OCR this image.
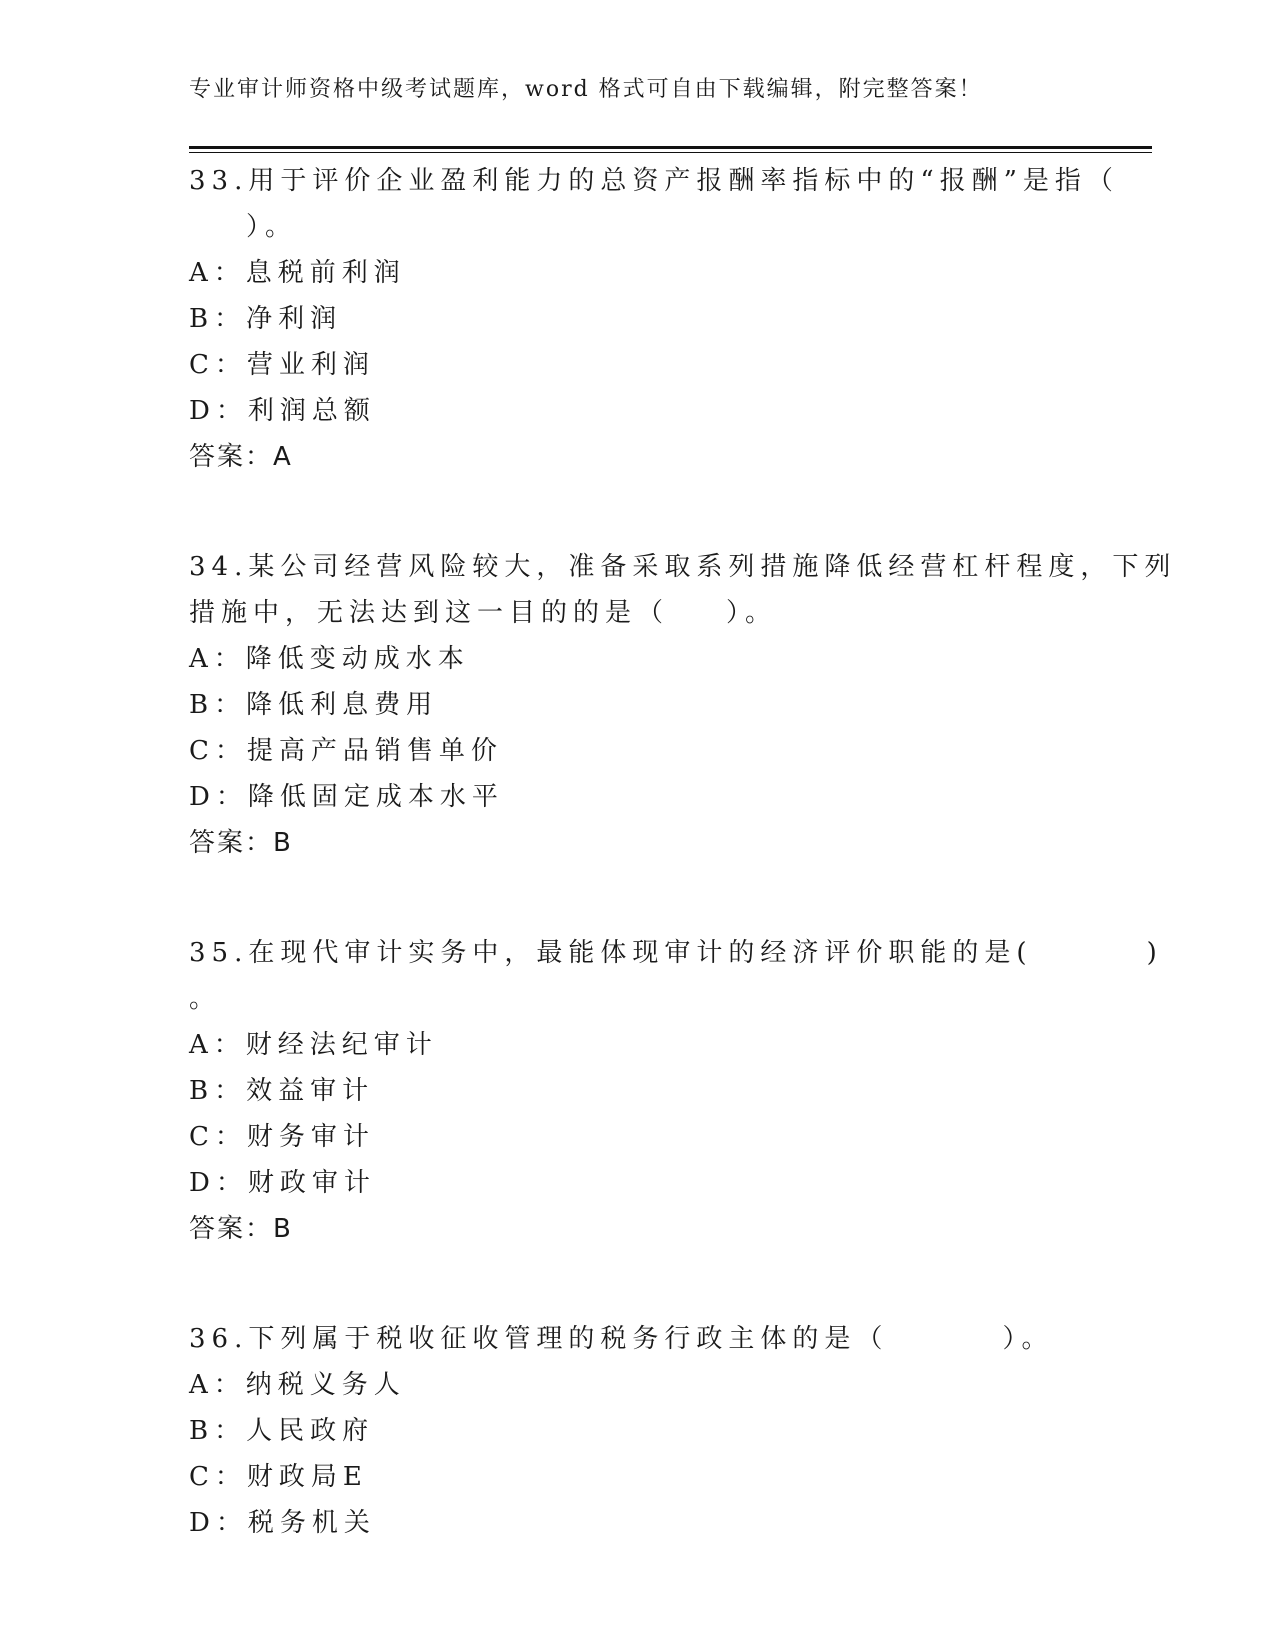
专业审计师资格中级考试题库，word 格式可自由下载编辑，附完整答案！
33.用于评价企业盈利能力的总资产报酬率指标中的“报酬”是指（
）。
A：息税前利润
B：净利润
C：营业利润
D：利润总额
答案：A
34.某公司经营风险较大，准备采取系列措施降低经营杠杆程度，下列
措施中，无法达到这一目的的是（    ）。
A：降低变动成水本
B：降低利息费用
C：提高产品销售单价
D：降低固定成本水平
答案：B
35.在现代审计实务中，最能体现审计的经济评价职能的是(        )
。
A：财经法纪审计
B：效益审计
C：财务审计
D：财政审计
答案：B
36.下列属于税收征收管理的税务行政主体的是（        ）。
A：纳税义务人
B：人民政府
C：财政局E
D：税务机关
